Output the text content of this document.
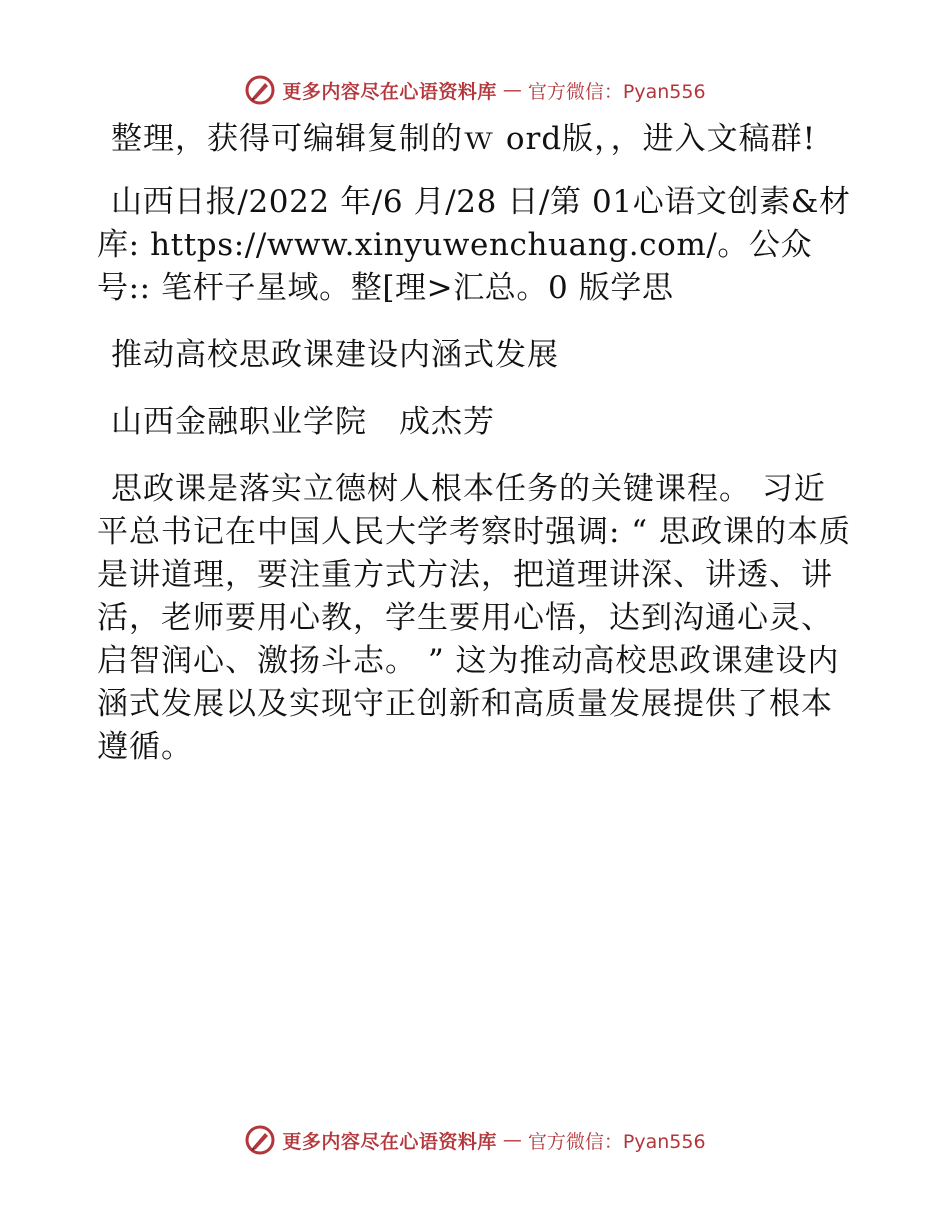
更多内容尽在心语资料库 — 官方微信：Pyan556

整理，获得可编辑复制的ｗ ord版，，进入文稿群!

山西日报/2022 年/6 月/28 日/第 01心语文创素&材库: https://www.xinyuwenchuang.com/。公众号:: 笔杆子星域。整[理>汇总。0 版学思

推动高校思政课建设内涵式发展

山西金融职业学院　成杰芳

思政课是落实立德树人根本任务的关键课程。 习近平总书记在中国人民大学考察时强调: “ 思政课的本质是讲道理，要注重方式方法，把道理讲深、讲透、讲活，老师要用心教，学生要用心悟，达到沟通心灵、启智润心、激扬斗志。 ” 这为推动高校思政课建设内涵式发展以及实现守正创新和高质量发展提供了根本遵循。

更多内容尽在心语资料库 — 官方微信：Pyan556
